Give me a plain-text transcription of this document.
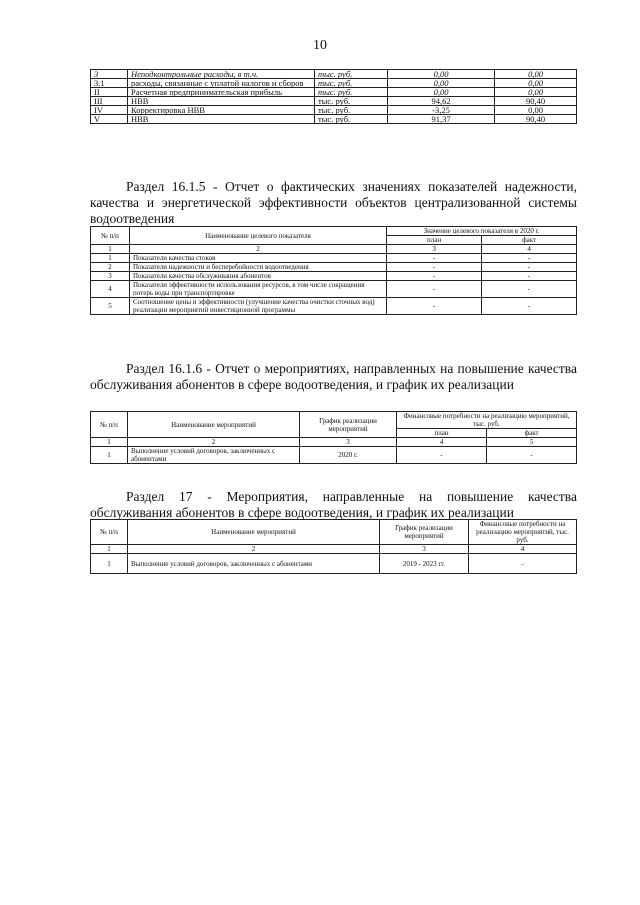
10
3	Неподконтрольные расходы, в т.ч.	тыс. руб.	0,00	0,00
3.1	расходы, связанные с уплатой налогов и сборов	тыс. руб.	0,00	0,00
II	Расчетная предпринимательская прибыль	тыс. руб.	0,00	0,00
III	НВВ	тыс. руб.	94,62	90,40
IV	Корректировка НВВ	тыс. руб.	-3,25	0,00
V	НВВ	тыс. руб.	91,37	90,40
Раздел 16.1.5 - Отчет о фактических значениях показателей надежности, качества и энергетической эффективности объектов централизованной системы водоотведения
№ п/п	Наименование целевого показателя	Значение целевого показателя в 2020 г.	
		план	факт
1	2	3	4
1	Показатели качества стоков	-	-
2	Показатели надежности и бесперебойности водоотведения	-	-
3	Показатели качества обслуживания абонентов	-	-
4	Показатели эффективности использования ресурсов, в том числе сокращения потерь воды при транспортировке	-	-
5	Соотношение цены и эффективности (улучшение качества очистки сточных вод) реализации мероприятий инвестиционной программы	-	-
Раздел 16.1.6 - Отчет о мероприятиях, направленных на повышение качества обслуживания абонентов в сфере водоотведения, и график их реализации
№ п/п	Наименование мероприятий	График реализации мероприятий	Финансовые потребности на реализацию мероприятий, тыс. руб.	
			план	факт
1	2	3	4	5
1	Выполнение условий договоров, заключенных с абонентами	2020 г.	-	-
Раздел 17 - Мероприятия, направленные на повышение качества обслуживания абонентов в сфере водоотведения, и график их реализации
№ п/п	Наименование мероприятий	График реализации мероприятий	Финансовые потребности на реализацию мероприятий, тыс. руб.
1	2	3	4
1	Выполнение условий договоров, заключенных с абонентами	2019 - 2023 гг.	-
